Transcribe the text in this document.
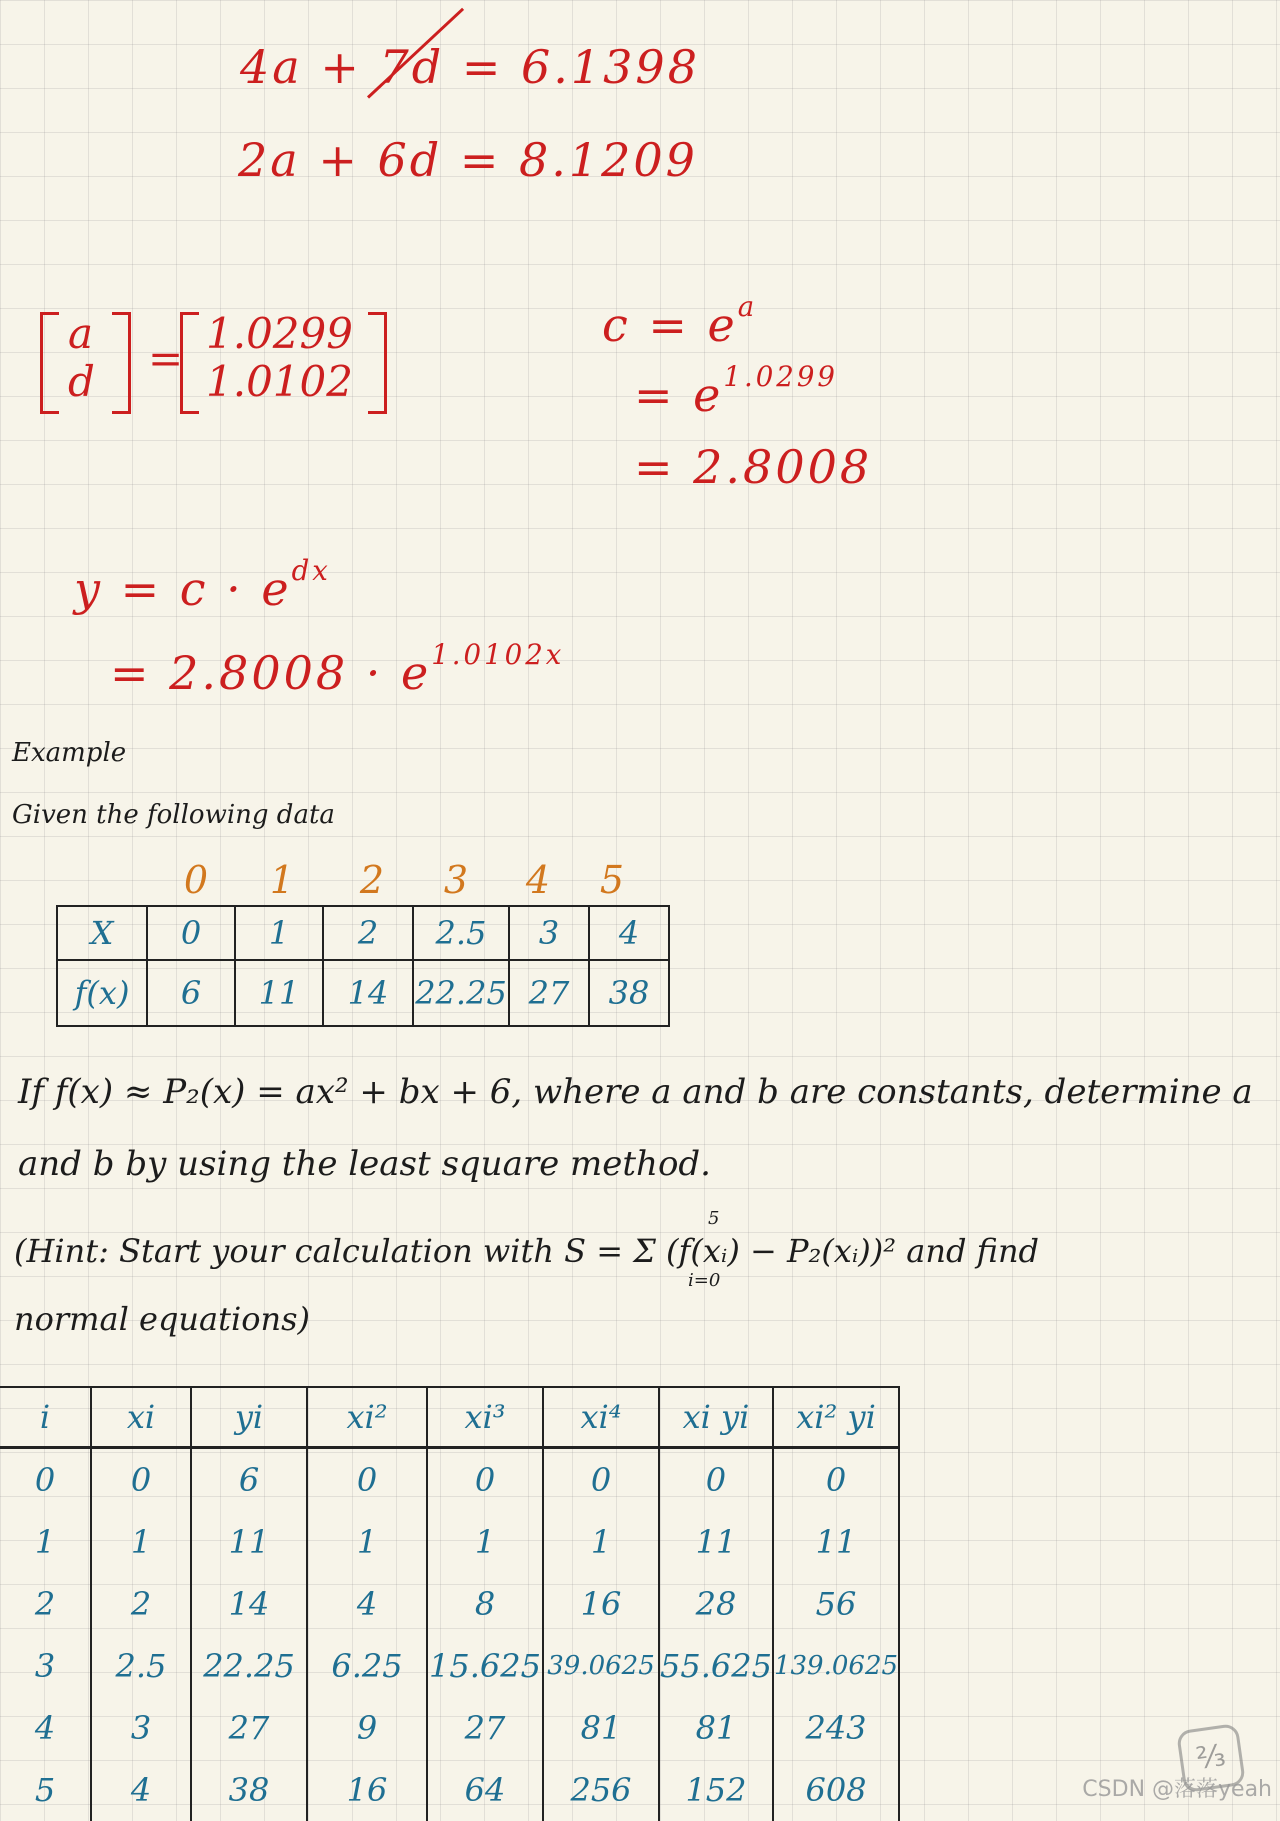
4a + 7d = 6.1398
2a + 6d = 8.1209
a
d =
1.0299
1.0102
$c = e^a$
= $e^{1.0299}$
= 2.8008
$y = c \cdot e^{dx}$
= $2.8008 \cdot e^{1.0102x}$
Example
Given the following data
0	1	2	3	4	5
X	0	1	2	2.5	3	4
f(x)	6	11	14	22.25	27	38
If f(x) ≈ P₂(x) = ax² + bx + 6, where a and b are constants, determine a
and b by using the least square method.
(Hint: Start your calculation with S = Σ (f(xᵢ) − P₂(xᵢ))² and find
5
i=0
normal equations)
i	xi	yi	xi²	xi³	xi⁴	xi yi	xi² yi
0	0	6	0	0	0	0	0
1	1	11	1	1	1	11	11
2	2	14	4	8	16	28	56
3	2.5	22.25	6.25	15.625	39.0625	55.625	139.0625
4	3	27	9	27	81	81	243
5	4	38	16	64	256	152	608
⅔
CSDN @落落yeah
